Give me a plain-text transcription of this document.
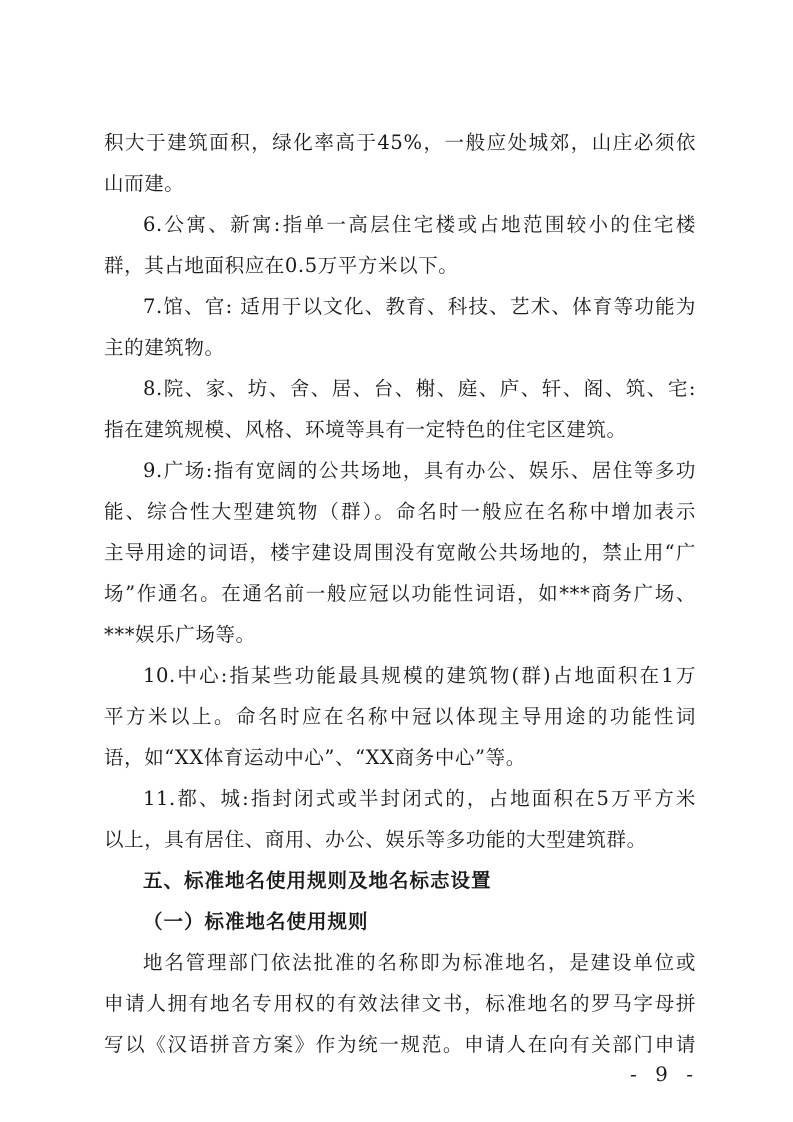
积大于建筑面积，绿化率高于45%，一般应处城郊，山庄必须依
山而建。
6.公寓、新寓:指单一高层住宅楼或占地范围较小的住宅楼
群，其占地面积应在0.5万平方米以下。
7.馆、官: 适用于以文化、教育、科技、艺术、体育等功能为
主的建筑物。
8.院、家、坊、舍、居、台、榭、庭、庐、轩、阁、筑、宅:
指在建筑规模、风格、环境等具有一定特色的住宅区建筑。
9.广场:指有宽阔的公共场地，具有办公、娱乐、居住等多功
能、综合性大型建筑物（群）。命名时一般应在名称中增加表示
主导用途的词语，楼宇建设周围没有宽敞公共场地的，禁止用“广
场”作通名。在通名前一般应冠以功能性词语，如***商务广场、
***娱乐广场等。
10.中心:指某些功能最具规模的建筑物(群)占地面积在1万
平方米以上。命名时应在名称中冠以体现主导用途的功能性词
语，如“XX体育运动中心”、“XX商务中心”等。
11.都、城:指封闭式或半封闭式的，占地面积在5万平方米
以上，具有居住、商用、办公、娱乐等多功能的大型建筑群。
五、标准地名使用规则及地名标志设置
（一）标准地名使用规则
地名管理部门依法批准的名称即为标准地名，是建设单位或
申请人拥有地名专用权的有效法律文书，标准地名的罗马字母拼
写以《汉语拼音方案》作为统一规范。申请人在向有关部门申请
- 9 -
